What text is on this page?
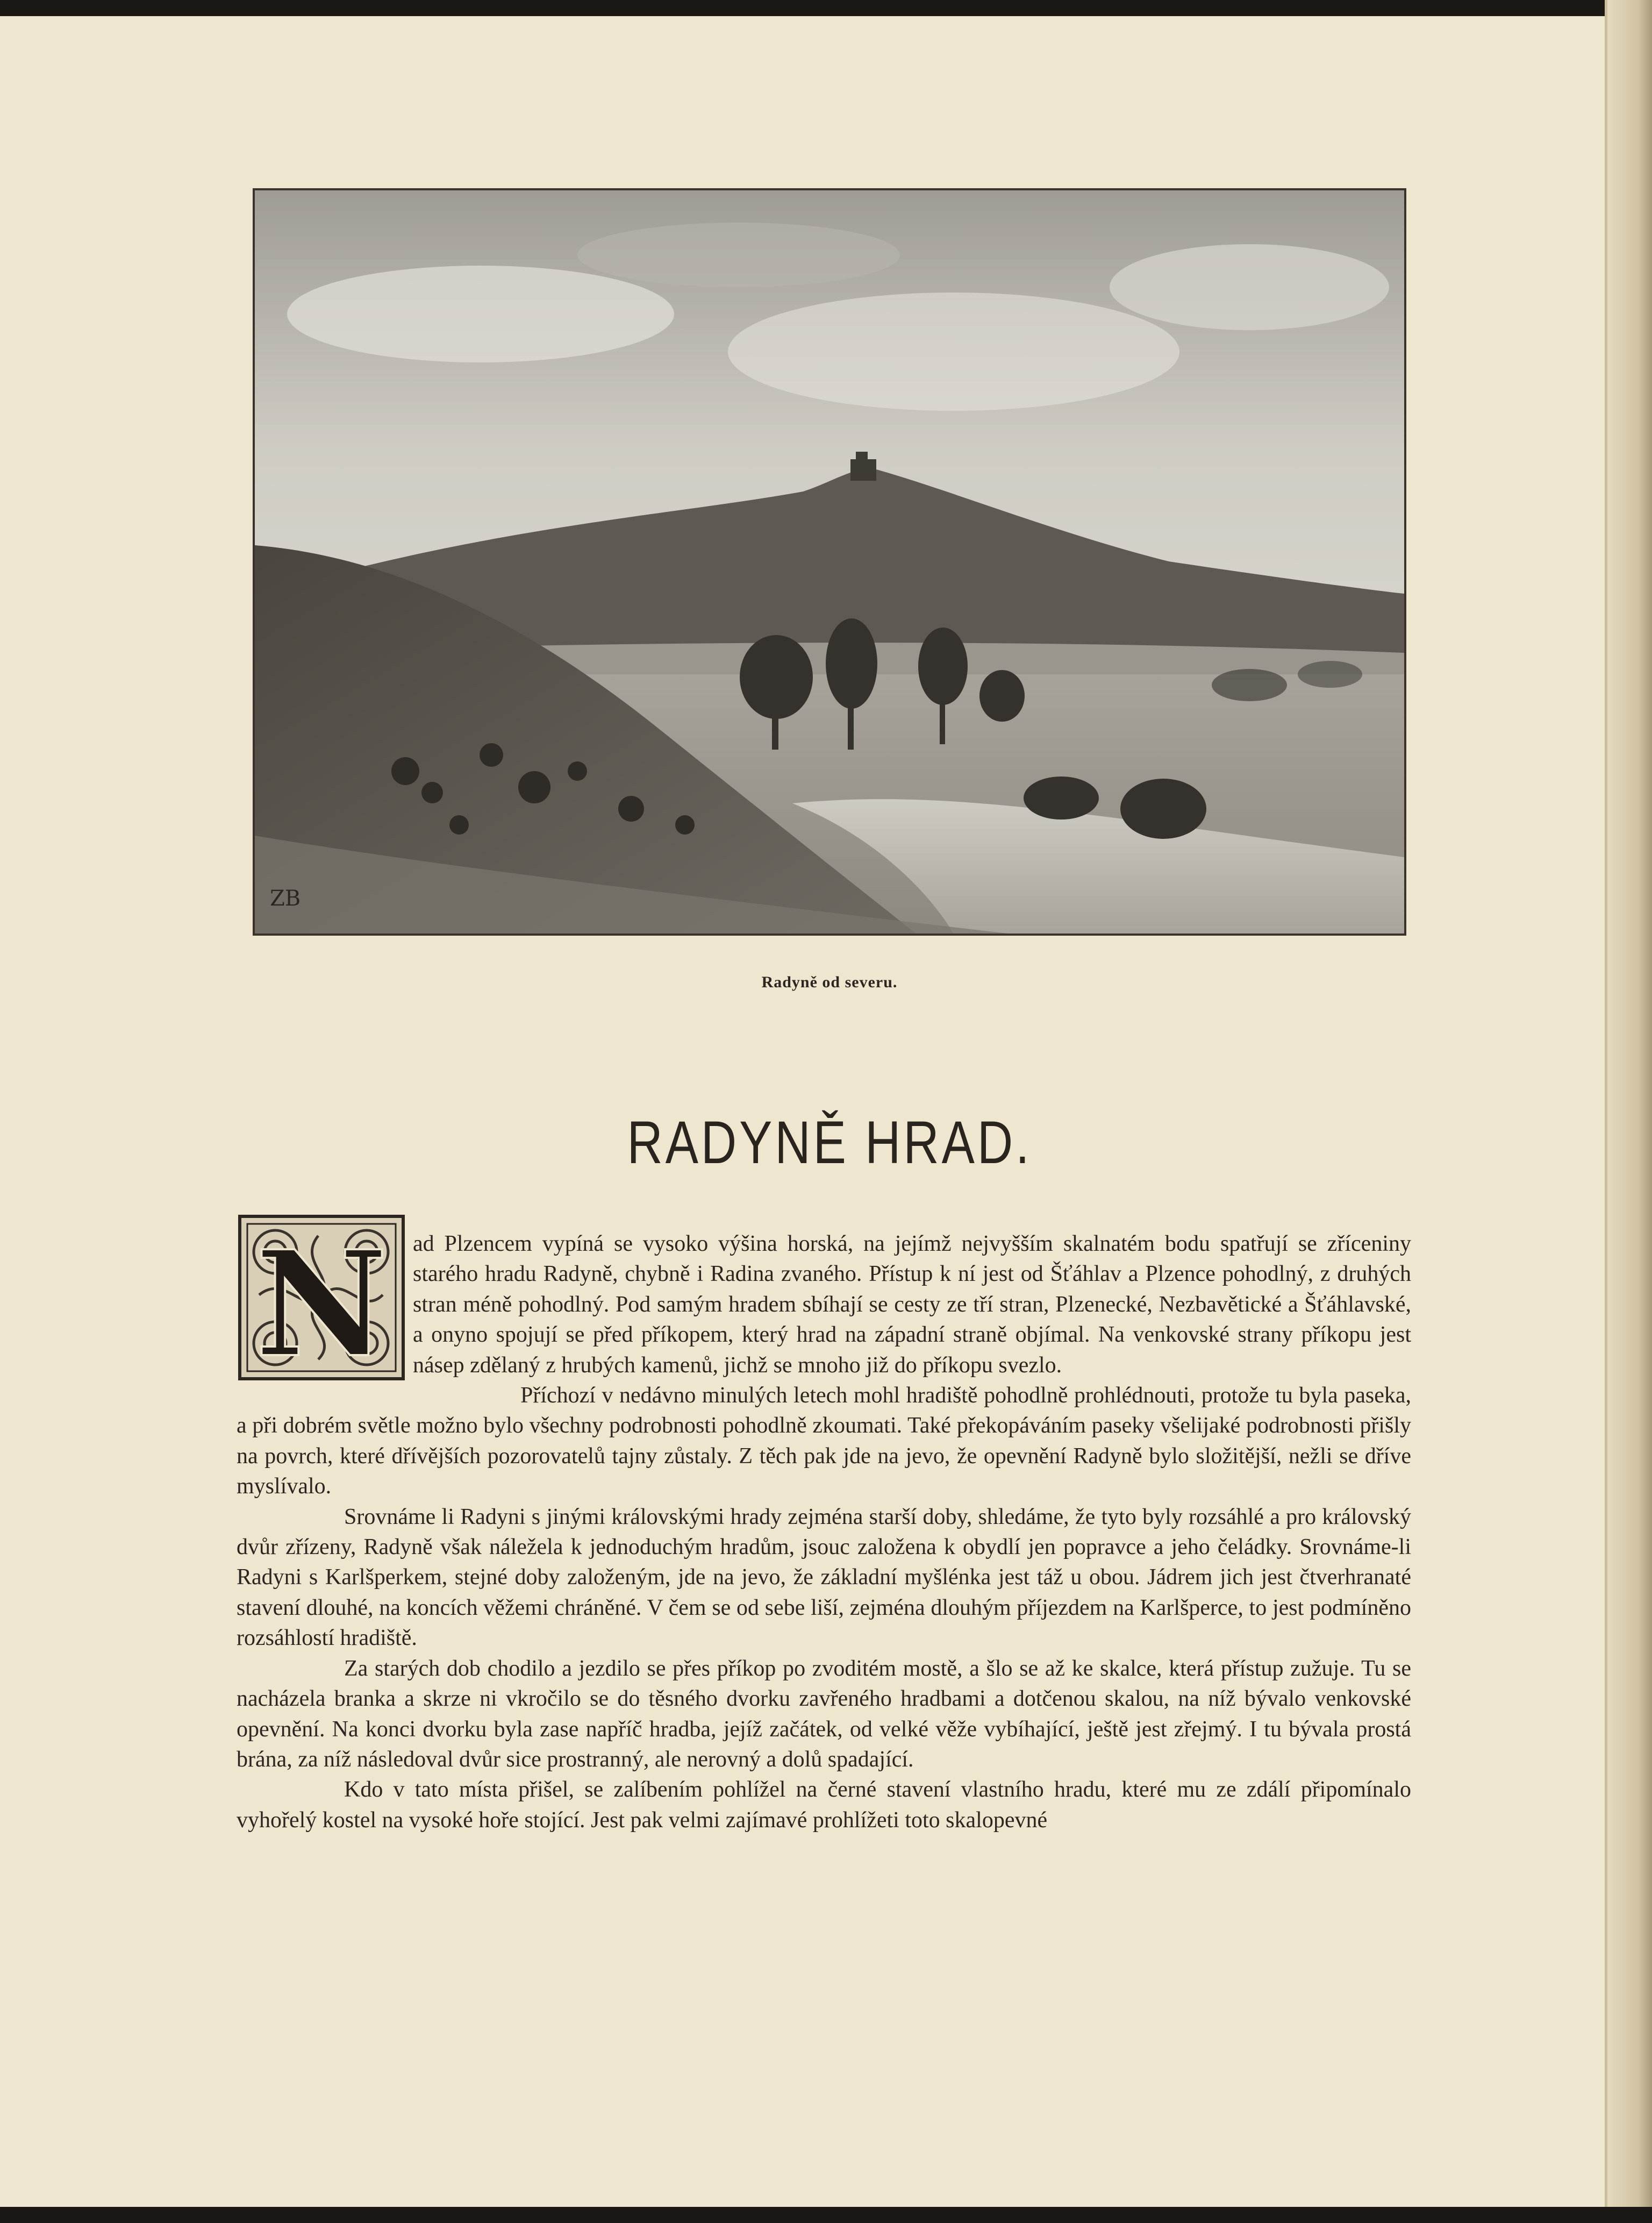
ZB
Radyně od severu.
RADYNĚ HRAD.
N	ad Plzencem vypíná se vysoko výšina horská, na jejímž nejvyšším skalnatém bodu spatřují se zříceniny starého hradu Radyně, chybně i Radina zvaného. Přístup k ní jest od Šťáhlav a Plzence pohodlný, z druhých stran méně pohodlný. Pod samým hradem sbíhají se cesty ze tří stran, Plzenecké, Nezbavětické a Šťáhlavské, a onyno spojují se před příkopem, který hrad na západní straně objímal. Na venkovské strany příkopu jest násep zdělaný z hrubých kamenů, jichž se mnoho již do příkopu svezlo.

Příchozí v nedávno minulých letech mohl hradiště pohodlně prohlédnouti, protože tu byla paseka, a při dobrém světle možno bylo všechny podrobnosti pohodlně zkoumati. Také překopáváním paseky všelijaké podrobnosti přišly na povrch, které dřívějších pozorovatelů tajny zůstaly. Z těch pak jde na jevo, že opevnění Radyně bylo složitější, nežli se dříve myslívalo.

Srovnáme li Radyni s jinými královskými hrady zejména starší doby, shledáme, že tyto byly rozsáhlé a pro královský dvůr zřízeny, Radyně však náležela k jednoduchým hradům, jsouc založena k obydlí jen popravce a jeho čeládky. Srovnáme-li Radyni s Karlšperkem, stejné doby založeným, jde na jevo, že základní myšlénka jest táž u obou. Jádrem jich jest čtverhranaté stavení dlouhé, na koncích věžemi chráněné. V čem se od sebe liší, zejména dlouhým příjezdem na Karlšperce, to jest podmíněno rozsáhlostí hradiště.

Za starých dob chodilo a jezdilo se přes příkop po zvoditém mostě, a šlo se až ke skalce, která přístup zužuje. Tu se nacházela branka a skrze ni vkročilo se do těsného dvorku zavřeného hradbami a dotčenou skalou, na níž bývalo venkovské opevnění. Na konci dvorku byla zase napříč hradba, jejíž začátek, od velké věže vybíhající, ještě jest zřejmý. I tu bývala prostá brána, za níž následoval dvůr sice prostranný, ale nerovný a dolů spadající.

Kdo v tato místa přišel, se zalíbením pohlížel na černé stavení vlastního hradu, které mu ze zdálí připomínalo vyhořelý kostel na vysoké hoře stojící. Jest pak velmi zajímavé prohlížeti toto skalopevné
